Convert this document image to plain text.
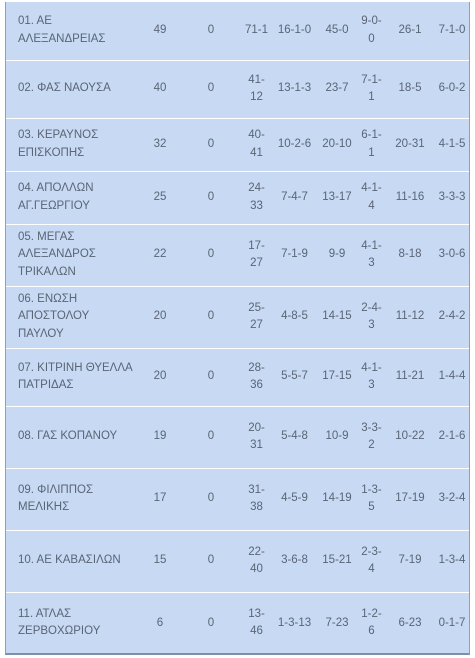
01. ΑΕ ΑΛΕΞΑΝΔΡΕΙΑΣ	49	0	71-1	16-1-0	45-0	9-0-0	26-1	7-1-0
02. ΦΑΣ ΝΑΟΥΣΑ	40	0	41-12	13-1-3	23-7	7-1-1	18-5	6-0-2
03. ΚΕΡΑΥΝΟΣ ΕΠΙΣΚΟΠΗΣ	32	0	40-41	10-2-6	20-10	6-1-1	20-31	4-1-5
04. ΑΠΟΛΛΩΝ ΑΓ.ΓΕΩΡΓΙΟΥ	25	0	24-33	7-4-7	13-17	4-1-4	11-16	3-3-3
05. ΜΕΓΑΣ ΑΛΕΞΑΝΔΡΟΣ ΤΡΙΚΑΛΩΝ	22	0	17-27	7-1-9	9-9	4-1-3	8-18	3-0-6
06. ΕΝΩΣΗ ΑΠΟΣΤΟΛΟΥ ΠΑΥΛΟΥ	20	0	25-27	4-8-5	14-15	2-4-3	11-12	2-4-2
07. ΚΙΤΡΙΝΗ ΘΥΕΛΛΑ ΠΑΤΡΙΔΑΣ	20	0	28-36	5-5-7	17-15	4-1-3	11-21	1-4-4
08. ΓΑΣ ΚΟΠΑΝΟΥ	19	0	20-31	5-4-8	10-9	3-3-2	10-22	2-1-6
09. ΦΙΛΙΠΠΟΣ ΜΕΛΙΚΗΣ	17	0	31-38	4-5-9	14-19	1-3-5	17-19	3-2-4
10. ΑΕ ΚΑΒΑΣΙΛΩΝ	15	0	22-40	3-6-8	15-21	2-3-4	7-19	1-3-4
11. ΑΤΛΑΣ ΖΕΡΒΟΧΩΡΙΟΥ	6	0	13-46	1-3-13	7-23	1-2-6	6-23	0-1-7
